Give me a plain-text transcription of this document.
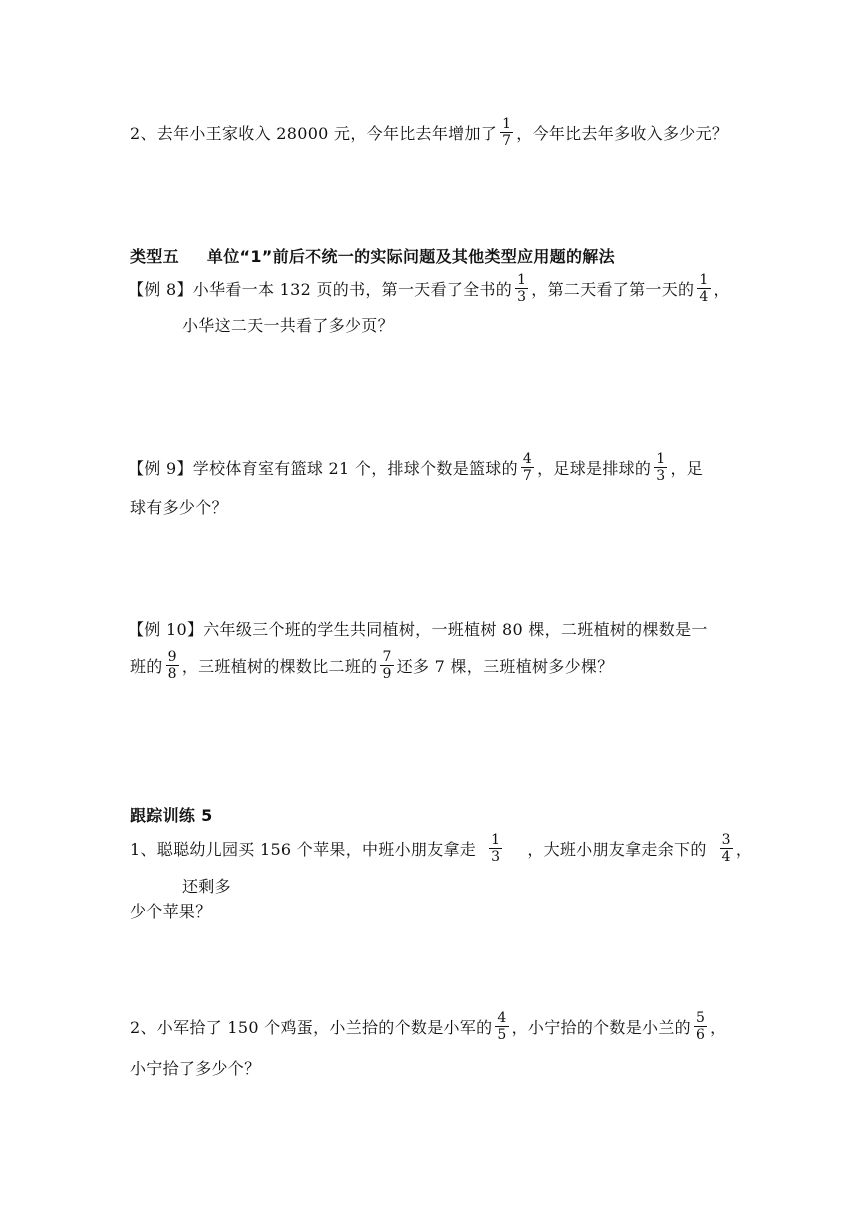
2、去年小王家收入 28000 元，今年比去年增加了 $\frac{1}{7}$ ，今年比去年多收入多少元？
类型五 单位“1”前后不统一的实际问题及其他类型应用题的解法
【例 8】小华看一本 132 页的书，第一天看了全书的 $\frac{1}{3}$ ，第二天看了第一天的 $\frac{1}{4}$ ，
小华这二天一共看了多少页？
【例 9】学校体育室有篮球 21 个，排球个数是篮球的 $\frac{4}{7}$ ，足球是排球的 $\frac{1}{3}$ ，足
球有多少个？
【例 10】六年级三个班的学生共同植树，一班植树 80 棵，二班植树的棵数是一
班的 $\frac{9}{8}$ ，三班植树的棵数比二班的 $\frac{7}{9}$ 还多 7 棵，三班植树多少棵？
跟踪训练 5
1、聪聪幼儿园买 156 个苹果，中班小朋友拿走 $\frac{1}{3}$ ，大班小朋友拿走余下的 $\frac{3}{4}$ ，
还剩多
少个苹果？
2、小军拾了 150 个鸡蛋，小兰拾的个数是小军的 $\frac{4}{5}$ ，小宁拾的个数是小兰的 $\frac{5}{6}$ ，
小宁拾了多少个？
